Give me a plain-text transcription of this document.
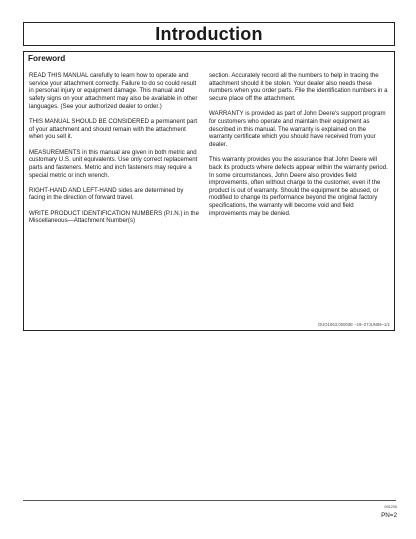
Introduction
Foreword

READ THIS MANUAL carefully to learn how to operate and service your attachment correctly. Failure to do so could result in personal injury or equipment damage. This manual and safety signs on your attachment may also be available in other languages. (See your authorized dealer to order.)

THIS MANUAL SHOULD BE CONSIDERED a permanent part of your attachment and should remain with the attachment when you sell it.

MEASUREMENTS in this manual are given in both metric and customary U.S. unit equivalents. Use only correct replacement parts and fasteners. Metric and inch fasteners may require a special metric or inch wrench.

RIGHT-HAND AND LEFT-HAND sides are determined by facing in the direction of forward travel.

WRITE PRODUCT IDENTIFICATION NUMBERS (P.I.N.) in the Miscellaneous—Attachment Number(s)

section. Accurately record all the numbers to help in tracing the attachment should it be stolen. Your dealer also needs these numbers when you order parts. File the identification numbers in a secure place off the attachment.

WARRANTY is provided as part of John Deere's support program for customers who operate and maintain their equipment as described in this manual. The warranty is explained on the warranty certificate which you should have received from your dealer.

This warranty provides you the assurance that John Deere will back its products where defects appear within the warranty period. In some circumstances, John Deere also provides field improvements, often without charge to the customer, even if the product is out of warranty. Should the equipment be abused, or modified to change its performance beyond the original factory specifications, the warranty will become void and field improvements may be denied.

OUO1063,00003E –19–27JUN06–1/1
091205
PN=2
